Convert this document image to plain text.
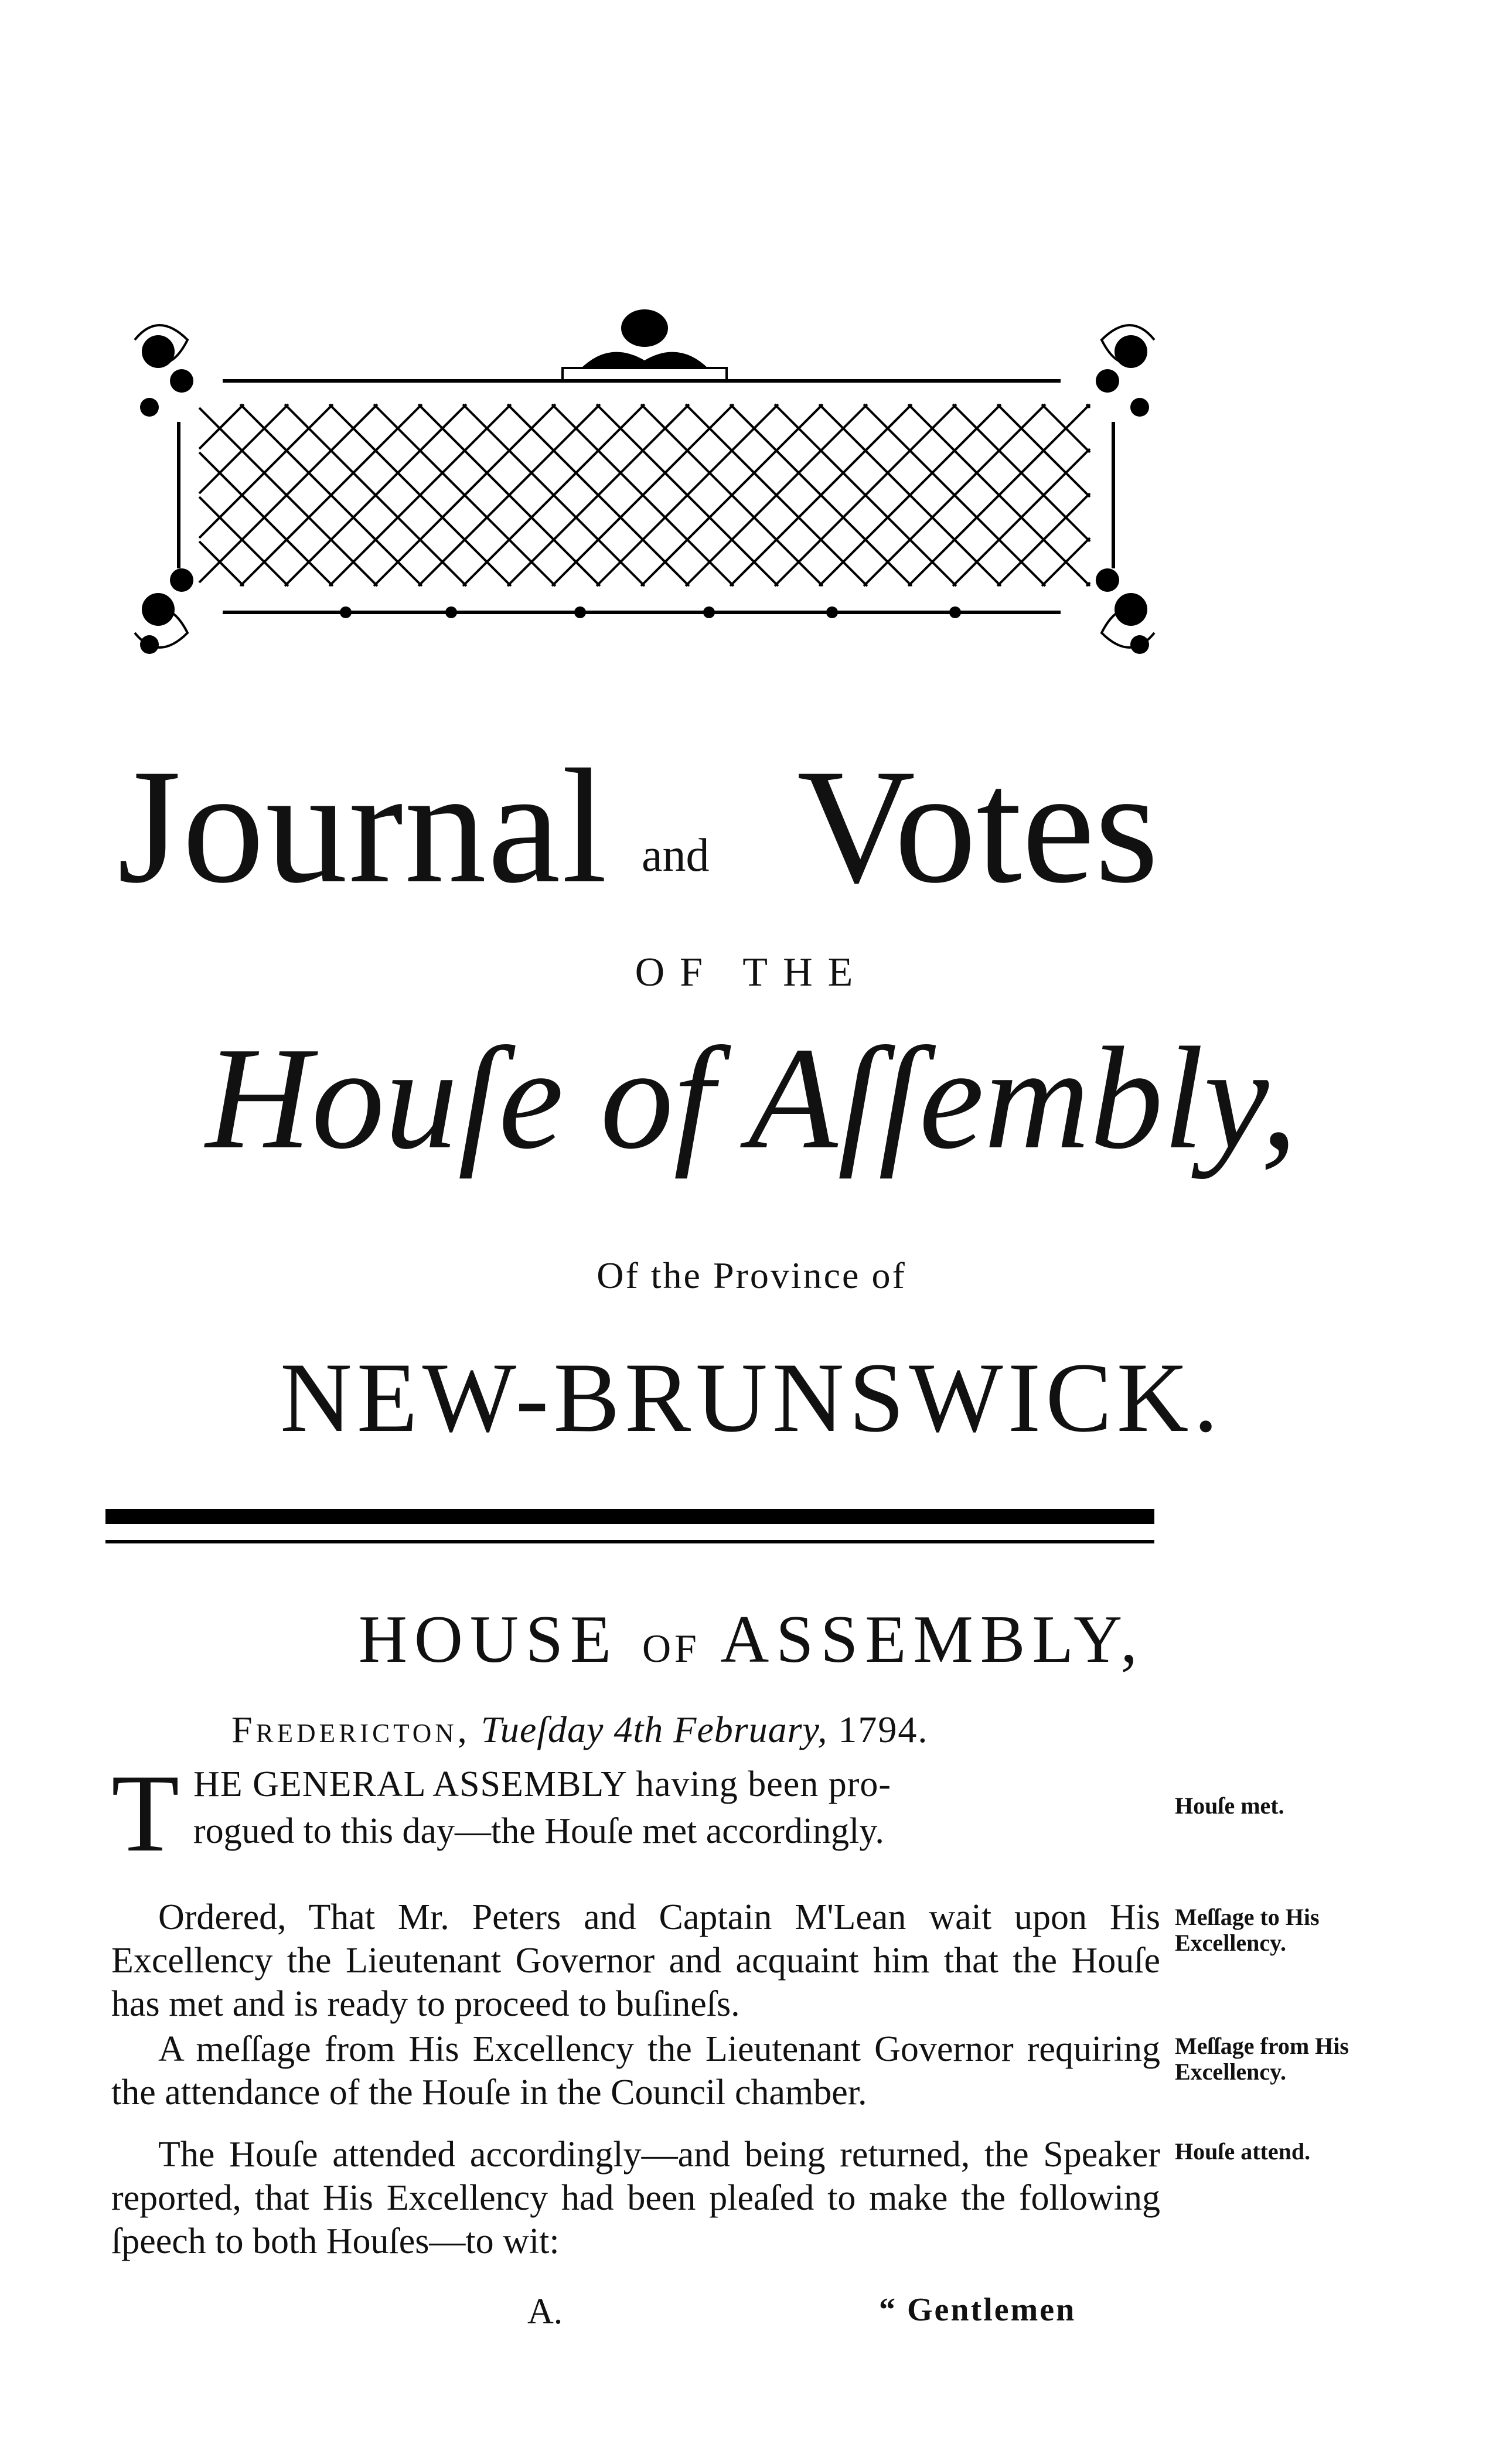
Journal and Votes
OF THE
Houſe of Aſſembly,
Of the Province of
NEW-BRUNSWICK.
HOUSE OF ASSEMBLY,
Fredericton, Tueſday 4th February, 1794.
T HE GENERAL ASSEMBLY having been pro-
rogued to this day—the Houſe met accordingly.
Ordered, That Mr. Peters and Captain M'Lean wait upon His Excellency the Lieutenant Governor and acquaint him that the Houſe has met and is ready to proceed to buſineſs.
A meſſage from His Excellency the Lieutenant Governor requiring the attendance of the Houſe in the Council chamber.
The Houſe attended accordingly—and being returned, the Speaker reported, that His Excellency had been pleaſed to make the following ſpeech to both Houſes—to wit:
A.	“ Gentlemen
Houſe met.
Meſſage to His Excellency.
Meſſage from His Excellency.
Houſe attend.
